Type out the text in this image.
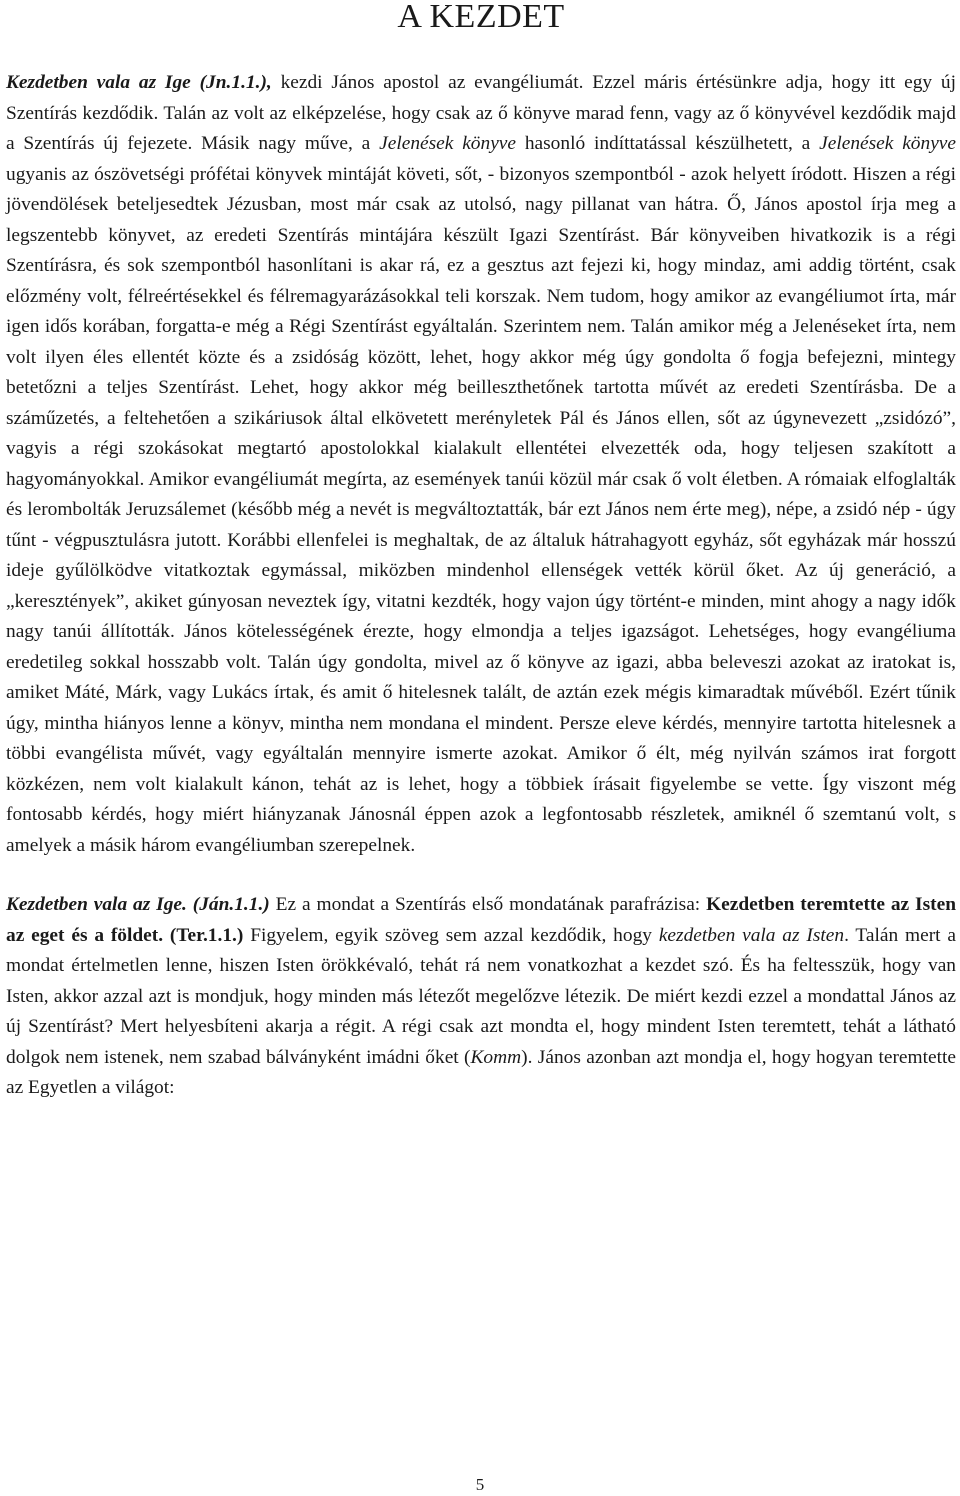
A KEZDET

Kezdetben vala az Ige (Jn.1.1.), kezdi János apostol az evangéliumát. Ezzel máris értésünkre adja, hogy itt egy új Szentírás kezdődik. Talán az volt az elképzelése, hogy csak az ő könyve marad fenn, vagy az ő könyvével kezdődik majd a Szentírás új fejezete. Másik nagy műve, a Jelenések könyve hasonló indíttatással készülhetett, a Jelenések könyve ugyanis az ószövetségi prófétai könyvek mintáját követi, sőt, - bizonyos szempontból - azok helyett íródott. Hiszen a régi jövendölések beteljesedtek Jézusban, most már csak az utolsó, nagy pillanat van hátra. Ő, János apostol írja meg a legszentebb könyvet, az eredeti Szentírás mintájára készült Igazi Szentírást. Bár könyveiben hivatkozik is a régi Szentírásra, és sok szempontból hasonlítani is akar rá, ez a gesztus azt fejezi ki, hogy mindaz, ami addig történt, csak előzmény volt, félreértésekkel és félremagyarázásokkal teli korszak. Nem tudom, hogy amikor az evangéliumot írta, már igen idős korában, forgatta-e még a Régi Szentírást egyáltalán. Szerintem nem. Talán amikor még a Jelenéseket írta, nem volt ilyen éles ellentét közte és a zsidóság között, lehet, hogy akkor még úgy gondolta ő fogja befejezni, mintegy betetőzni a teljes Szentírást. Lehet, hogy akkor még beilleszthetőnek tartotta művét az eredeti Szentírásba. De a száműzetés, a feltehetően a szikáriusok által elkövetett merényletek Pál és János ellen, sőt az úgynevezett „zsidózó”, vagyis a régi szokásokat megtartó apostolokkal kialakult ellentétei elvezették oda, hogy teljesen szakított a hagyományokkal. Amikor evangéliumát megírta, az események tanúi közül már csak ő volt életben. A rómaiak elfoglalták és lerombolták Jeruzsálemet (később még a nevét is megváltoztatták, bár ezt János nem érte meg), népe, a zsidó nép - úgy tűnt - végpusztulásra jutott. Korábbi ellenfelei is meghaltak, de az általuk hátrahagyott egyház, sőt egyházak már hosszú ideje gyűlölködve vitatkoztak egymással, miközben mindenhol ellenségek vették körül őket. Az új generáció, a „keresztények”, akiket gúnyosan neveztek így, vitatni kezdték, hogy vajon úgy történt-e minden, mint ahogy a nagy idők nagy tanúi állították. János kötelességének érezte, hogy elmondja a teljes igazságot. Lehetséges, hogy evangéliuma eredetileg sokkal hosszabb volt. Talán úgy gondolta, mivel az ő könyve az igazi, abba beleveszi azokat az iratokat is, amiket Máté, Márk, vagy Lukács írtak, és amit ő hitelesnek talált, de aztán ezek mégis kimaradtak művéből. Ezért tűnik úgy, mintha hiányos lenne a könyv, mintha nem mondana el mindent. Persze eleve kérdés, mennyire tartotta hitelesnek a többi evangélista művét, vagy egyáltalán mennyire ismerte azokat. Amikor ő élt, még nyilván számos irat forgott közkézen, nem volt kialakult kánon, tehát az is lehet, hogy a többiek írásait figyelembe se vette. Így viszont még fontosabb kérdés, hogy miért hiányzanak Jánosnál éppen azok a legfontosabb részletek, amiknél ő szemtanú volt, s amelyek a másik három evangéliumban szerepelnek.

Kezdetben vala az Ige. (Ján.1.1.) Ez a mondat a Szentírás első mondatának parafrázisa: Kezdetben teremtette az Isten az eget és a földet. (Ter.1.1.) Figyelem, egyik szöveg sem azzal kezdődik, hogy kezdetben vala az Isten. Talán mert a mondat értelmetlen lenne, hiszen Isten örökkévaló, tehát rá nem vonatkozhat a kezdet szó. És ha feltesszük, hogy van Isten, akkor azzal azt is mondjuk, hogy minden más létezőt megelőzve létezik. De miért kezdi ezzel a mondattal János az új Szentírást? Mert helyesbíteni akarja a régit. A régi csak azt mondta el, hogy mindent Isten teremtett, tehát a látható dolgok nem istenek, nem szabad bálványként imádni őket (Komm). János azonban azt mondja el, hogy hogyan teremtette az Egyetlen a világot:

5
